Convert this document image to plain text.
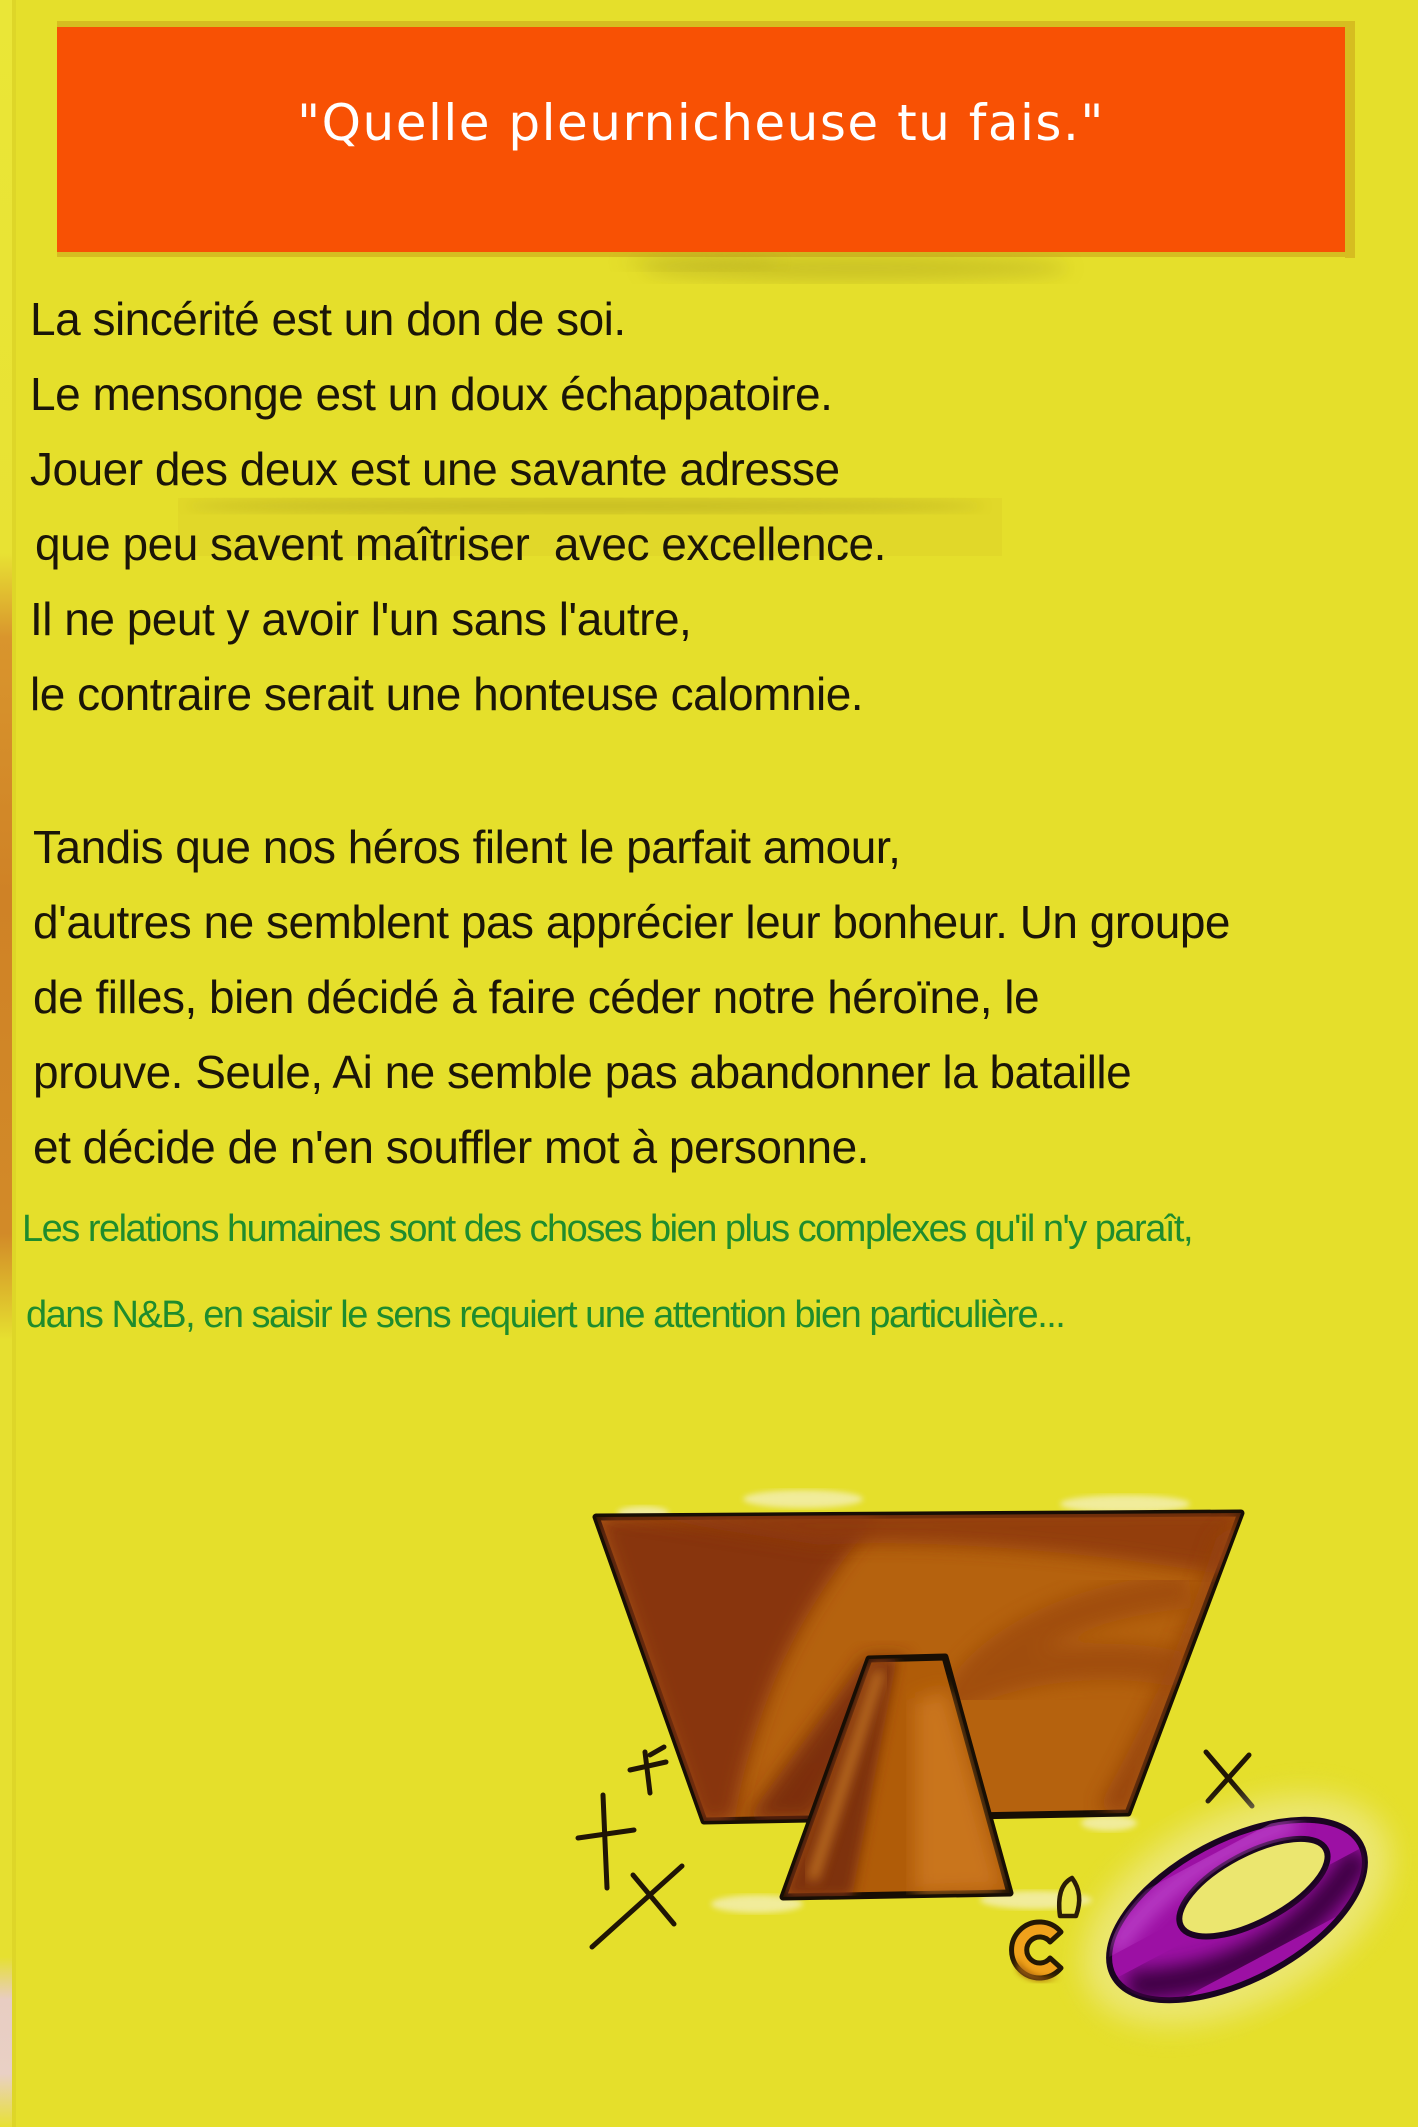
"Quelle pleurnicheuse tu fais."
La sincérité est un don de soi.
Le mensonge est un doux échappatoire.
Jouer des deux est une savante adresse
que peu savent maîtriser  avec excellence.
Il ne peut y avoir l'un sans l'autre,
le contraire serait une honteuse calomnie.
Tandis que nos héros filent le parfait amour,
d'autres ne semblent pas apprécier leur bonheur. Un groupe
de filles, bien décidé à faire céder notre héroïne, le
prouve. Seule, Ai ne semble pas abandonner la bataille
et décide de n'en souffler mot à personne.
Les relations humaines sont des choses bien plus complexes qu'il n'y paraît,
dans N&B, en saisir le sens requiert une attention bien particulière...
